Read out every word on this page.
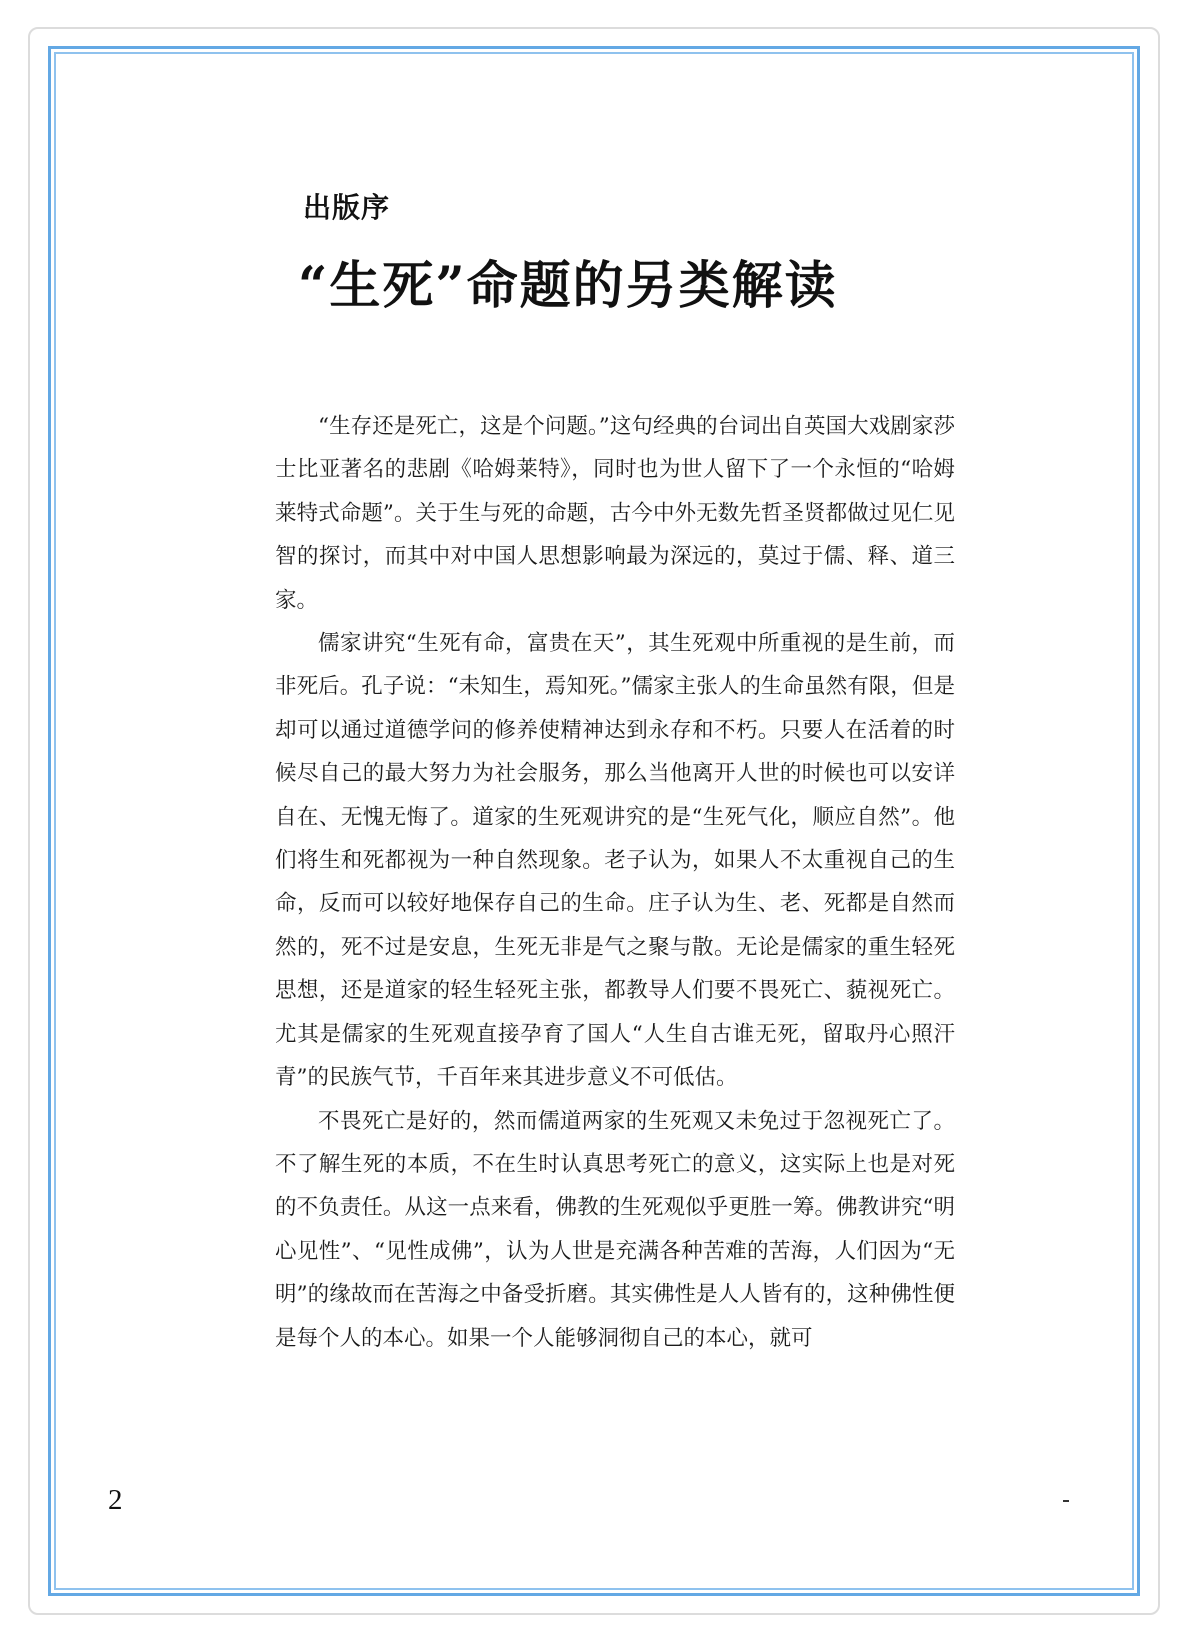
出版序
“生死”命题的另类解读

“生存还是死亡，这是个问题。”这句经典的台词出自英国大戏剧家莎士比亚著名的悲剧《哈姆莱特》，同时也为世人留下了一个永恒的“哈姆莱特式命题”。关于生与死的命题，古今中外无数先哲圣贤都做过见仁见智的探讨，而其中对中国人思想影响最为深远的，莫过于儒、释、道三家。

儒家讲究“生死有命，富贵在天”，其生死观中所重视的是生前，而非死后。孔子说：“未知生，焉知死。”儒家主张人的生命虽然有限，但是却可以通过道德学问的修养使精神达到永存和不朽。只要人在活着的时候尽自己的最大努力为社会服务，那么当他离开人世的时候也可以安详自在、无愧无悔了。道家的生死观讲究的是“生死气化，顺应自然”。他们将生和死都视为一种自然现象。老子认为，如果人不太重视自己的生命，反而可以较好地保存自己的生命。庄子认为生、老、死都是自然而然的，死不过是安息，生死无非是气之聚与散。无论是儒家的重生轻死思想，还是道家的轻生轻死主张，都教导人们要不畏死亡、藐视死亡。尤其是儒家的生死观直接孕育了国人“人生自古谁无死，留取丹心照汗青”的民族气节，千百年来其进步意义不可低估。

不畏死亡是好的，然而儒道两家的生死观又未免过于忽视死亡了。不了解生死的本质，不在生时认真思考死亡的意义，这实际上也是对死的不负责任。从这一点来看，佛教的生死观似乎更胜一筹。佛教讲究“明心见性”、“见性成佛”，认为人世是充满各种苦难的苦海，人们因为“无明”的缘故而在苦海之中备受折磨。其实佛性是人人皆有的，这种佛性便是每个人的本心。如果一个人能够洞彻自己的本心，就可

2
